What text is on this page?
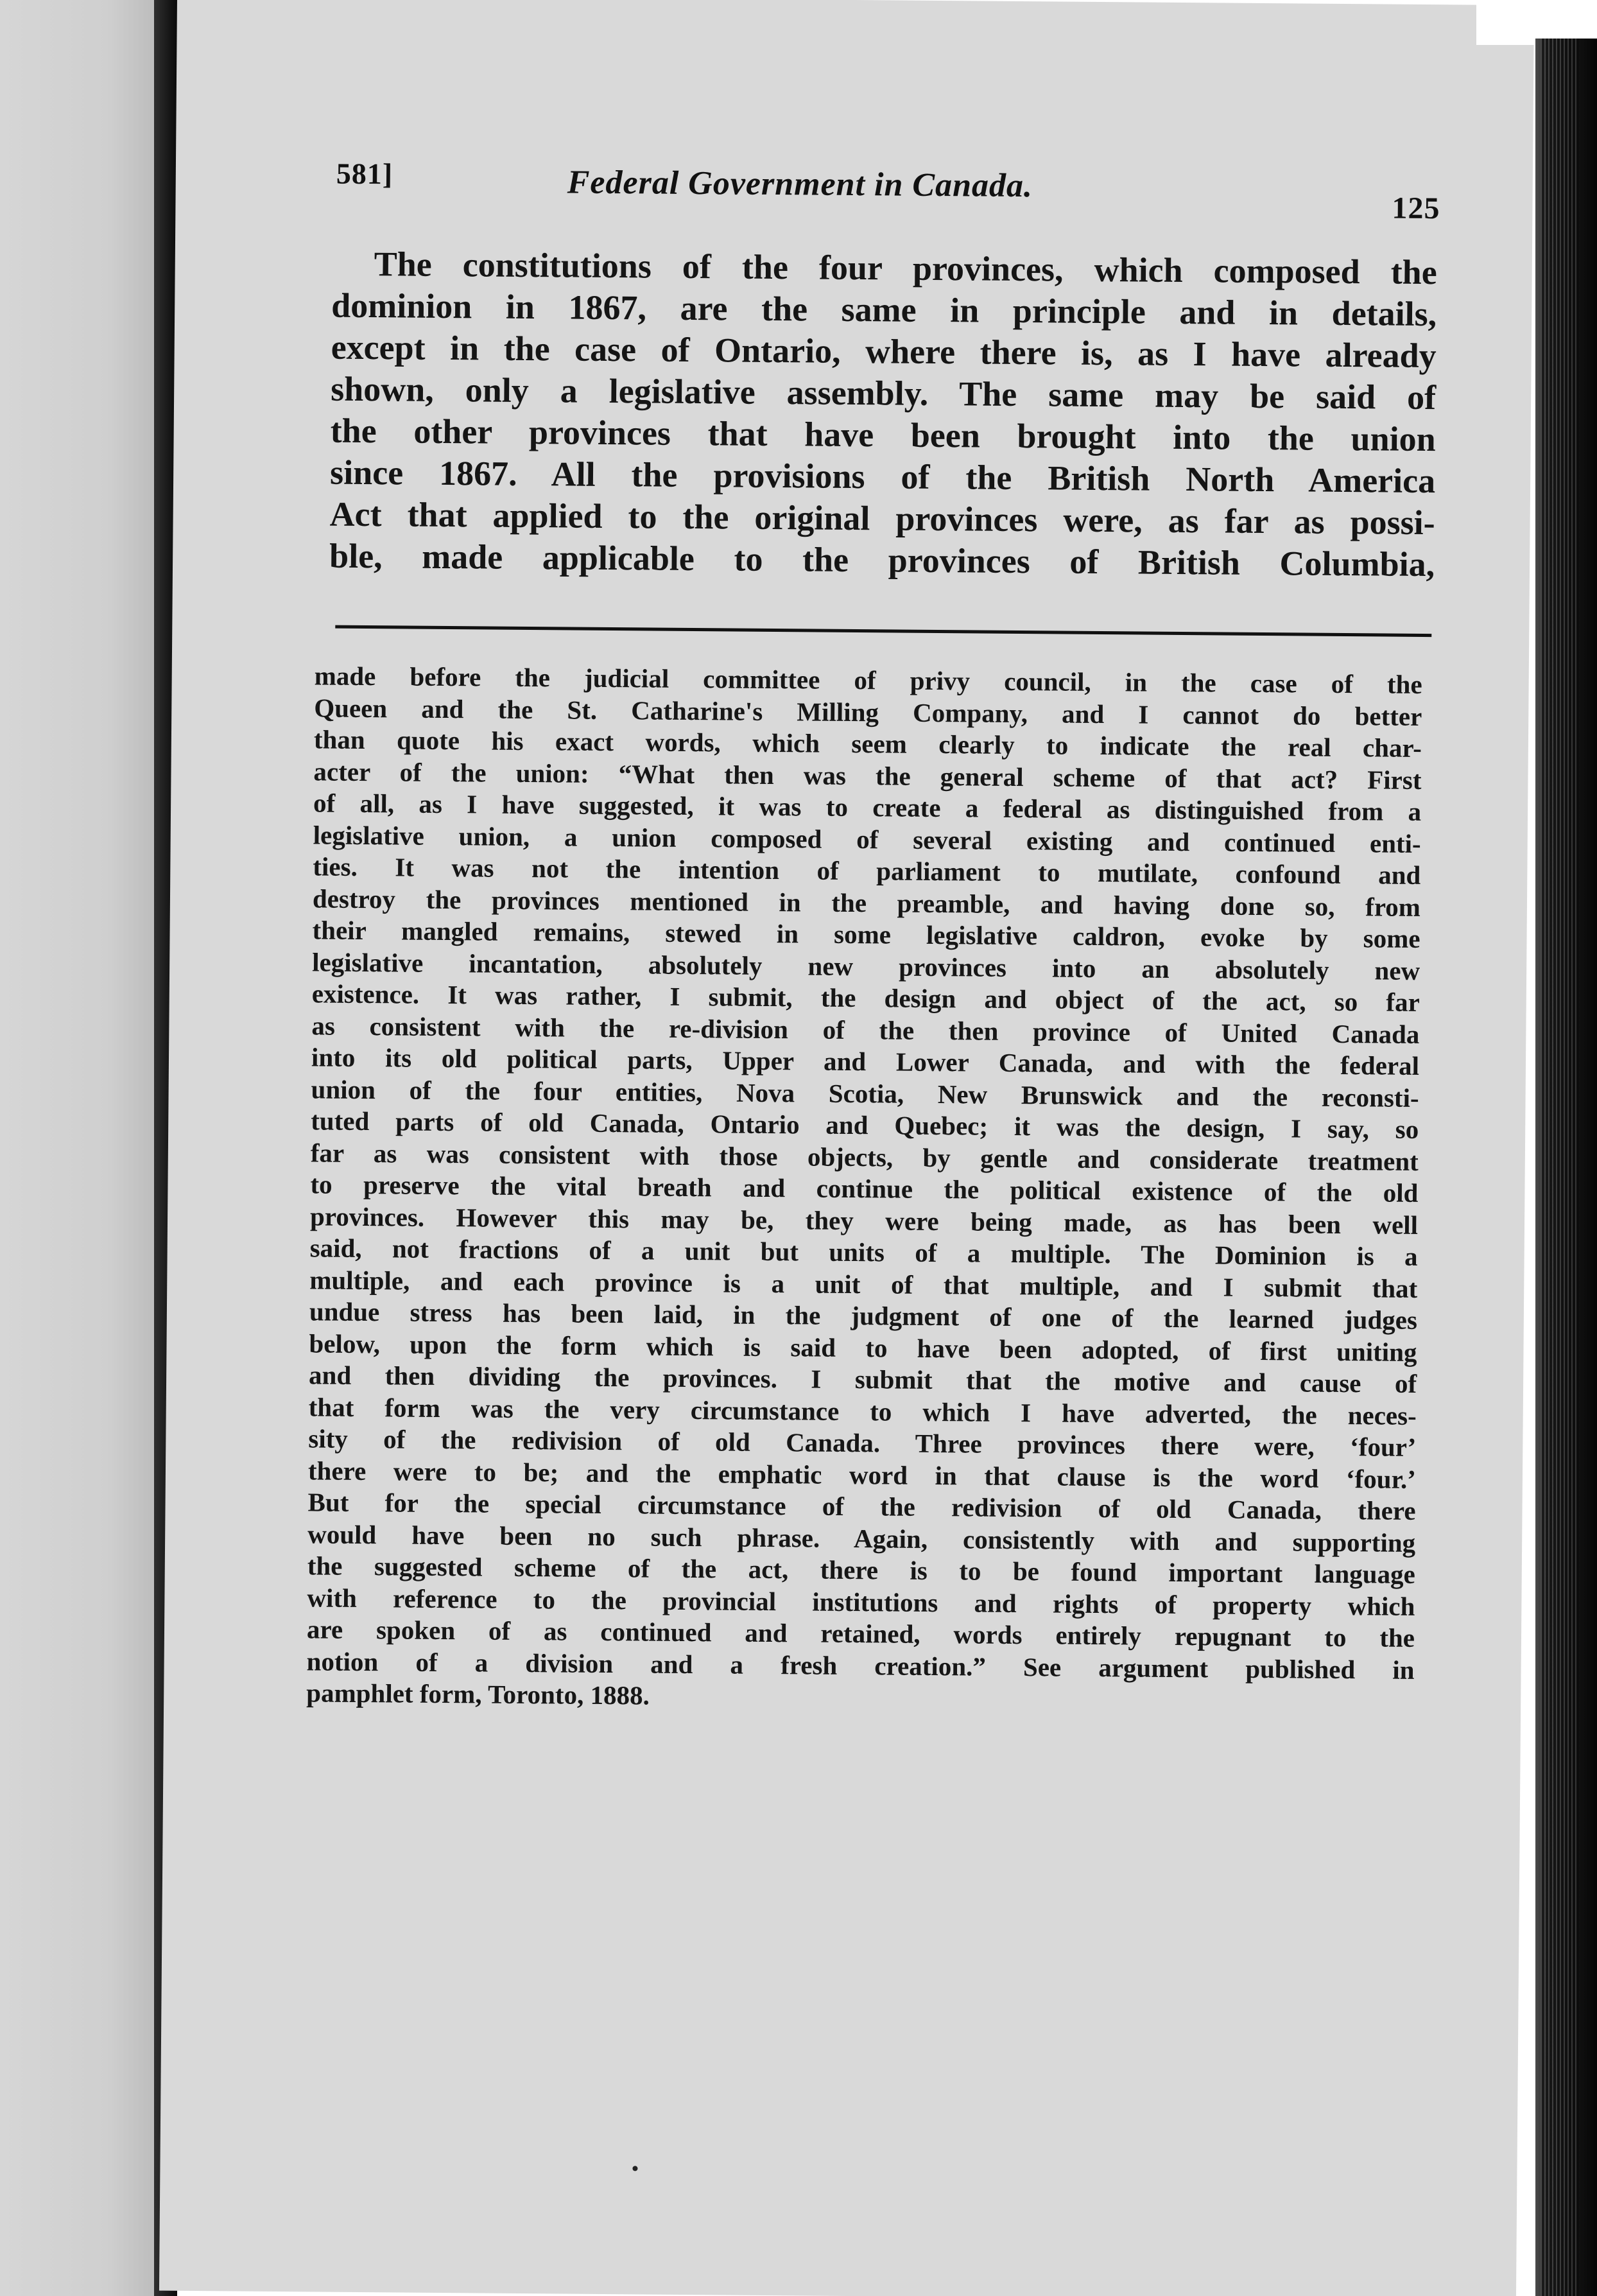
581]	Federal Government in Canada.
125
The constitutions of the four provinces, which composed the
dominion in 1867, are the same in principle and in details,
except in the case of Ontario, where there is, as I have already
shown, only a legislative assembly. The same may be said of
the other provinces that have been brought into the union
since 1867. All the provisions of the British North America
Act that applied to the original provinces were, as far as possi-
ble, made applicable to the provinces of British Columbia,
made before the judicial committee of privy council, in the case of the
Queen and the St. Catharine's Milling Company, and I cannot do better
than quote his exact words, which seem clearly to indicate the real char-
acter of the union: “What then was the general scheme of that act? First
of all, as I have suggested, it was to create a federal as distinguished from a
legislative union, a union composed of several existing and continued enti-
ties. It was not the intention of parliament to mutilate, confound and
destroy the provinces mentioned in the preamble, and having done so, from
their mangled remains, stewed in some legislative caldron, evoke by some
legislative incantation, absolutely new provinces into an absolutely new
existence. It was rather, I submit, the design and object of the act, so far
as consistent with the re-division of the then province of United Canada
into its old political parts, Upper and Lower Canada, and with the federal
union of the four entities, Nova Scotia, New Brunswick and the reconsti-
tuted parts of old Canada, Ontario and Quebec; it was the design, I say, so
far as was consistent with those objects, by gentle and considerate treatment
to preserve the vital breath and continue the political existence of the old
provinces. However this may be, they were being made, as has been well
said, not fractions of a unit but units of a multiple. The Dominion is a
multiple, and each province is a unit of that multiple, and I submit that
undue stress has been laid, in the judgment of one of the learned judges
below, upon the form which is said to have been adopted, of first uniting
and then dividing the provinces. I submit that the motive and cause of
that form was the very circumstance to which I have adverted, the neces-
sity of the redivision of old Canada. Three provinces there were, ‘four’
there were to be; and the emphatic word in that clause is the word ‘four.’
But for the special circumstance of the redivision of old Canada, there
would have been no such phrase. Again, consistently with and supporting
the suggested scheme of the act, there is to be found important language
with reference to the provincial institutions and rights of property which
are spoken of as continued and retained, words entirely repugnant to the
notion of a division and a fresh creation.” See argument published in
pamphlet form, Toronto, 1888.
